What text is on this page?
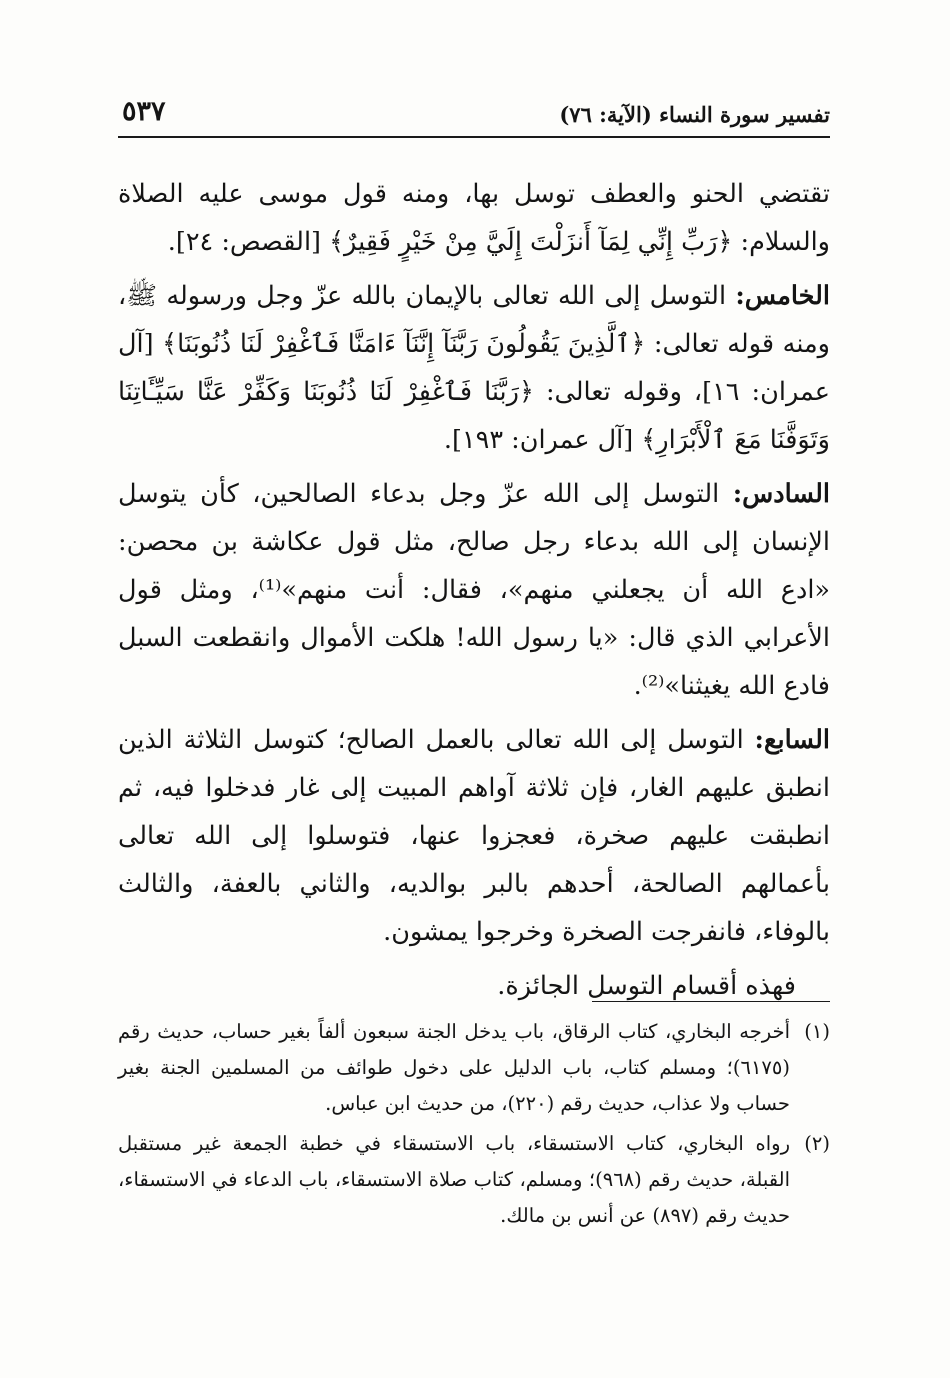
تفسير سورة النساء (الآية: ٧٦)
٥٣٧

تقتضي الحنو والعطف توسل بها، ومنه قول موسى عليه الصلاة والسلام: ﴿رَبِّ إِنِّي لِمَآ أَنزَلْتَ إِلَيَّ مِنْ خَيْرٍ فَقِيرٌ﴾ [القصص: ٢٤].

الخامس: التوسل إلى الله تعالى بالإيمان بالله عزّ وجل ورسوله ﷺ، ومنه قوله تعالى: ﴿ٱلَّذِينَ يَقُولُونَ رَبَّنَآ إِنَّنَآ ءَامَنَّا فَٱغْفِرْ لَنَا ذُنُوبَنَا﴾ [آل عمران: ١٦]، وقوله تعالى: ﴿رَبَّنَا فَٱغْفِرْ لَنَا ذُنُوبَنَا وَكَفِّرْ عَنَّا سَيِّـَٔاتِنَا وَتَوَفَّنَا مَعَ ٱلْأَبْرَارِ﴾ [آل عمران: ١٩٣].

السادس: التوسل إلى الله عزّ وجل بدعاء الصالحين، كأن يتوسل الإنسان إلى الله بدعاء رجل صالح، مثل قول عكاشة بن محصن: «ادع الله أن يجعلني منهم»، فقال: أنت منهم»⁽¹⁾، ومثل قول الأعرابي الذي قال: «يا رسول الله! هلكت الأموال وانقطعت السبل فادع الله يغيثنا»⁽²⁾.

السابع: التوسل إلى الله تعالى بالعمل الصالح؛ كتوسل الثلاثة الذين انطبق عليهم الغار، فإن ثلاثة آواهم المبيت إلى غار فدخلوا فيه، ثم انطبقت عليهم صخرة، فعجزوا عنها، فتوسلوا إلى الله تعالى بأعمالهم الصالحة، أحدهم بالبر بوالديه، والثاني بالعفة، والثالث بالوفاء، فانفرجت الصخرة وخرجوا يمشون.

فهذه أقسام التوسل الجائزة.

(١)
أخرجه البخاري، كتاب الرقاق، باب يدخل الجنة سبعون ألفاً بغير حساب، حديث رقم (٦١٧٥)؛ ومسلم كتاب، باب الدليل على دخول طوائف من المسلمين الجنة بغير حساب ولا عذاب، حديث رقم (٢٢٠)، من حديث ابن عباس.
(٢)
رواه البخاري، كتاب الاستسقاء، باب الاستسقاء في خطبة الجمعة غير مستقبل القبلة، حديث رقم (٩٦٨)؛ ومسلم، كتاب صلاة الاستسقاء، باب الدعاء في الاستسقاء، حديث رقم (٨٩٧) عن أنس بن مالك.
